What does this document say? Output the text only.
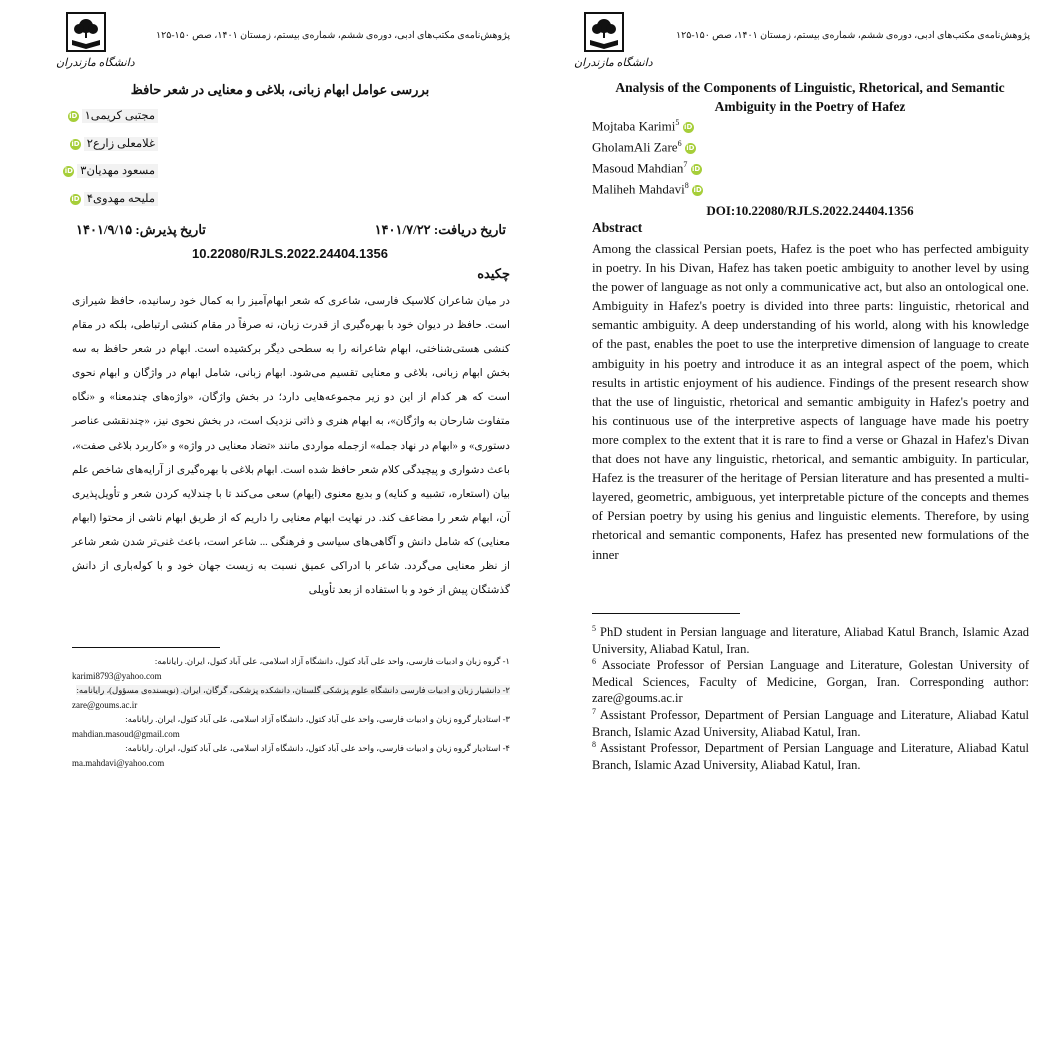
دانشگاه مازندران
پژوهش‌نامه‌ی مکتب‌های ادبی، دوره‌ی ششم، شماره‌ی بیستم، زمستان ۱۴۰۱، صص ۱۵۰-۱۲۵
بررسی عوامل ابهام زبانی، بلاغی و معنایی در شعر حافظ
مجتبی کریمی۱ iD
غلامعلی زارع۲ iD
مسعود مهدیان۳ iD
ملیحه مهدوی۴ iD
تاریخ دریافت: ۱۴۰۱/۷/۲۲
تاریخ پذیرش: ۱۴۰۱/۹/۱۵
10.22080/RJLS.2022.24404.1356
چکیده
در میان شاعران کلاسیک فارسی، شاعری که شعر ابهام‌آمیز را به کمال خود رسانیده، حافظ شیرازی است. حافظ در دیوان خود با بهره‌گیری از قدرت زبان، نه صرفاً در مقام کنشی ارتباطی، بلکه در مقام کنشی هستی‌شناختی، ابهام شاعرانه را به سطحی دیگر برکشیده است. ابهام در شعر حافظ به سه بخش ابهام زبانی، بلاغی و معنایی تقسیم می‌شود. ابهام زبانی، شامل ابهام در واژگان و ابهام نحوی است که هر کدام از این دو زیر مجموعه‌هایی دارد؛ در بخش واژگان، «واژه‌های چندمعنا» و «نگاه متفاوت شارحان به واژگان»، به ابهام هنری و ذاتی نزدیک است، در بخش نحوی نیز، «چندنقشی عناصر دستوری» و «ابهام در نهاد جمله» ازجمله مواردی مانند «تضاد معنایی در واژه» و «کاربرد بلاغی صفت»، باعث دشواری و پیچیدگی کلام شعر حافظ شده است. ابهام بلاغی با بهره‌گیری از آرایه‌های شاخص علم بیان (استعاره، تشبیه و کنایه) و بدیع معنوی (ایهام) سعی می‌کند تا با چندلایه کردن شعر و تأویل‌پذیری آن، ابهام شعر را مضاعف کند. در نهایت ابهام معنایی را داریم که از طریق ابهام ناشی از محتوا (ابهام معنایی) که شامل دانش و آگاهی‌های سیاسی و فرهنگی ... شاعر است، باعث غنی‌تر شدن شعر شاعر از نظر معنایی می‌گردد. شاعر با ادراکی عمیق نسبت به زیست جهان خود و با کوله‌باری از دانش گذشتگان پیش از خود و با استفاده از بعد تأویلی
۱- گروه زبان و ادبیات فارسی، واحد علی آباد کتول، دانشگاه آزاد اسلامی، علی آباد کتول، ایران. رایانامه:
karimi8793@yahoo.com
۲- دانشیار زبان و ادبیات فارسی دانشگاه علوم پزشکی گلستان، دانشکده پزشکی، گرگان، ایران. (نویسنده‌ی مسؤول)، رایانامه:
zare@goums.ac.ir
۳- استادیار گروه زبان و ادبیات فارسی، واحد علی آباد کتول، دانشگاه آزاد اسلامی، علی آباد کتول، ایران. رایانامه:
mahdian.masoud@gmail.com
۴- استادیار گروه زبان و ادبیات فارسی، واحد علی آباد کتول، دانشگاه آزاد اسلامی، علی آباد کتول، ایران. رایانامه:
ma.mahdavi@yahoo.com
دانشگاه مازندران
پژوهش‌نامه‌ی مکتب‌های ادبی، دوره‌ی ششم، شماره‌ی بیستم، زمستان ۱۴۰۱، صص ۱۵۰-۱۲۵
Analysis of the Components of Linguistic, Rhetorical, and Semantic Ambiguity in the Poetry of Hafez
Mojtaba Karimi$^5$ iD
GholamAli Zare$^6$ iD
Masoud Mahdian$^7$ iD
Maliheh Mahdavi$^8$ iD
DOI:10.22080/RJLS.2022.24404.1356
Abstract
Among the classical Persian poets, Hafez is the poet who has perfected ambiguity in poetry. In his Divan, Hafez has taken poetic ambiguity to another level by using the power of language as not only a communicative act, but also an ontological one. Ambiguity in Hafez's poetry is divided into three parts: linguistic, rhetorical and semantic ambiguity. A deep understanding of his world, along with his knowledge of the past, enables the poet to use the interpretive dimension of language to create ambiguity in his poetry and introduce it as an integral aspect of the poem, which results in artistic enjoyment of his audience. Findings of the present research show that the use of linguistic, rhetorical and semantic ambiguity in Hafez's poetry and his continuous use of the interpretive aspects of language have made his poetry more complex to the extent that it is rare to find a verse or Ghazal in Hafez's Divan that does not have any linguistic, rhetorical, and semantic ambiguity. In particular, Hafez is the treasurer of the heritage of Persian literature and has presented a multi-layered, geometric, ambiguous, yet interpretable picture of the concepts and themes of Persian poetry by using his genius and linguistic elements. Therefore, by using rhetorical and semantic components, Hafez has presented new formulations of the inner
$^5$ PhD student in Persian language and literature, Aliabad Katul Branch, Islamic Azad University, Aliabad Katul, Iran.
$^6$ Associate Professor of Persian Language and Literature, Golestan University of Medical Sciences, Faculty of Medicine, Gorgan, Iran. Corresponding author: zare@goums.ac.ir
$^7$ Assistant Professor, Department of Persian Language and Literature, Aliabad Katul Branch, Islamic Azad University, Aliabad Katul, Iran.
$^8$ Assistant Professor, Department of Persian Language and Literature, Aliabad Katul Branch, Islamic Azad University, Aliabad Katul, Iran.
